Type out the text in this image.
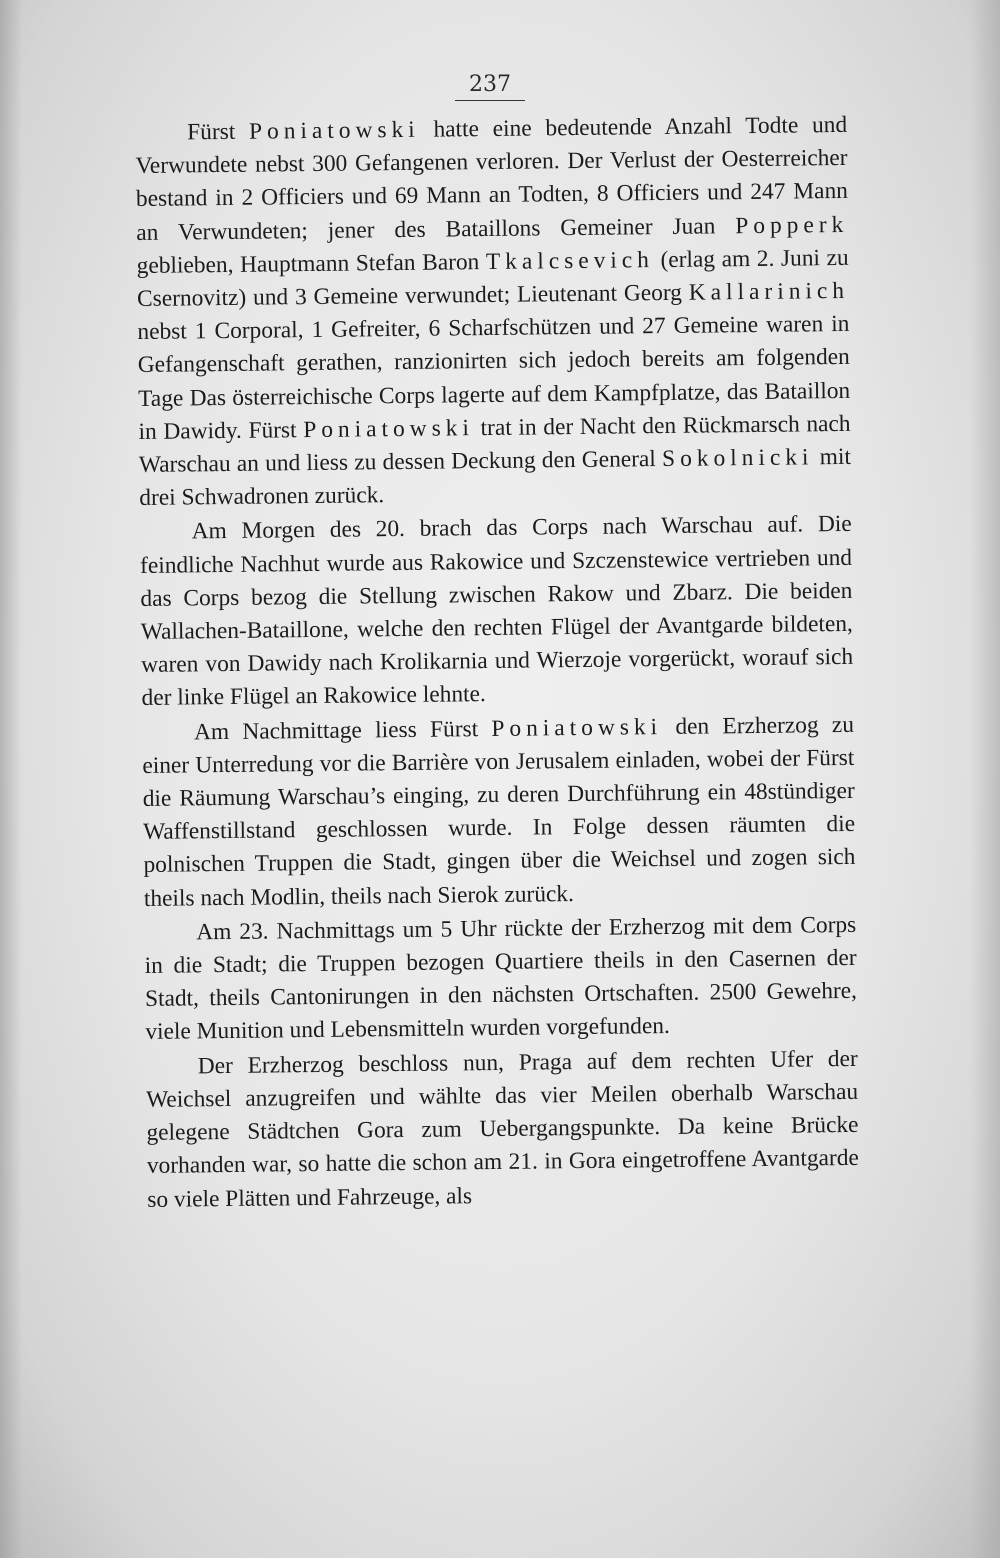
237

Fürst Poniatowski hatte eine bedeutende Anzahl Todte und Verwundete nebst 300 Gefangenen verloren. Der Verlust der Oesterreicher bestand in 2 Officiers und 69 Mann an Todten, 8 Officiers und 247 Mann an Verwundeten; jener des Bataillons Gemeiner Juan Popperk geblieben, Hauptmann Stefan Baron Tkalcsevich (erlag am 2. Juni zu Csernovitz) und 3 Gemeine verwundet; Lieutenant Georg Kallarinich nebst 1 Corporal, 1 Gefreiter, 6 Scharfschützen und 27 Gemeine waren in Gefangenschaft gerathen, ranzionirten sich jedoch bereits am folgenden Tage Das österreichische Corps lagerte auf dem Kampfplatze, das Bataillon in Dawidy. Fürst Poniatowski trat in der Nacht den Rückmarsch nach Warschau an und liess zu dessen Deckung den General Sokolnicki mit drei Schwadronen zurück.

Am Morgen des 20. brach das Corps nach Warschau auf. Die feindliche Nachhut wurde aus Rakowice und Szczenstewice vertrieben und das Corps bezog die Stellung zwischen Rakow und Zbarz. Die beiden Wallachen-Bataillone, welche den rechten Flügel der Avantgarde bildeten, waren von Dawidy nach Krolikarnia und Wierzoje vorgerückt, worauf sich der linke Flügel an Rakowice lehnte.

Am Nachmittage liess Fürst Poniatowski den Erzherzog zu einer Unterredung vor die Barrière von Jerusalem einladen, wobei der Fürst die Räumung Warschau’s einging, zu deren Durchführung ein 48stündiger Waffenstillstand geschlossen wurde. In Folge dessen räumten die polnischen Truppen die Stadt, gingen über die Weichsel und zogen sich theils nach Modlin, theils nach Sierok zurück.

Am 23. Nachmittags um 5 Uhr rückte der Erzherzog mit dem Corps in die Stadt; die Truppen bezogen Quartiere theils in den Casernen der Stadt, theils Cantonirungen in den nächsten Ortschaften. 2500 Gewehre, viele Munition und Lebensmitteln wurden vorgefunden.

Der Erzherzog beschloss nun, Praga auf dem rechten Ufer der Weichsel anzugreifen und wählte das vier Meilen oberhalb Warschau gelegene Städtchen Gora zum Uebergangspunkte. Da keine Brücke vorhanden war, so hatte die schon am 21. in Gora eingetroffene Avantgarde so viele Plätten und Fahrzeuge, als
